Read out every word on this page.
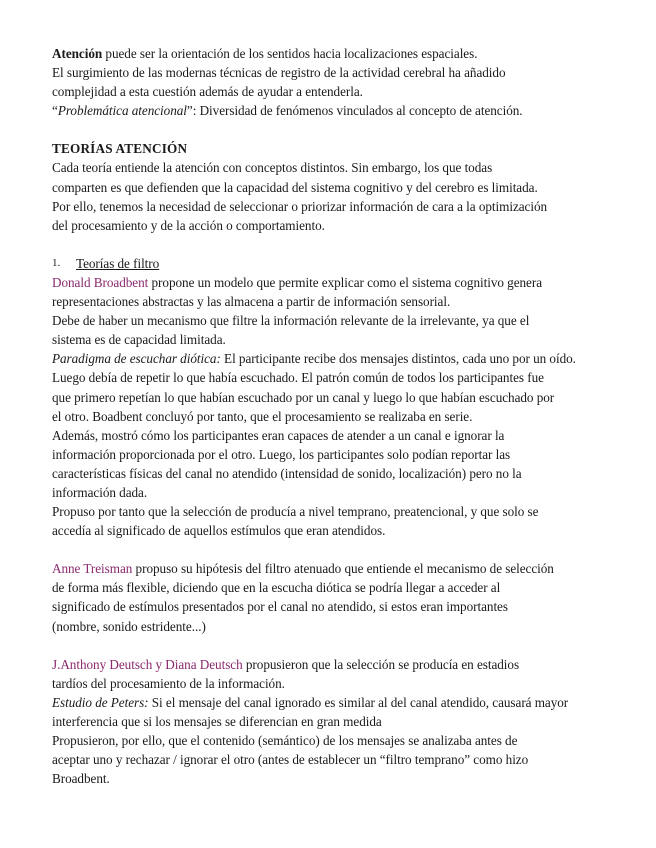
Atención puede ser la orientación de los sentidos hacia localizaciones espaciales.

El surgimiento de las modernas técnicas de registro de la actividad cerebral ha añadido

complejidad a esta cuestión además de ayudar a entenderla.

“Problemática atencional”: Diversidad de fenómenos vinculados al concepto de atención.

TEORÍAS ATENCIÓN

Cada teoría entiende la atención con conceptos distintos. Sin embargo, los que todas

comparten es que defienden que la capacidad del sistema cognitivo y del cerebro es limitada.

Por ello, tenemos la necesidad de seleccionar o priorizar información de cara a la optimización

del procesamiento y de la acción o comportamiento.

1.	Teorías de filtro

Donald Broadbent propone un modelo que permite explicar como el sistema cognitivo genera

representaciones abstractas y las almacena a partir de información sensorial.

Debe de haber un mecanismo que filtre la información relevante de la irrelevante, ya que el

sistema es de capacidad limitada.

Paradigma de escuchar diótica: El participante recibe dos mensajes distintos, cada uno por un oído.

Luego debía de repetir lo que había escuchado. El patrón común de todos los participantes fue

que primero repetían lo que habían escuchado por un canal y luego lo que habían escuchado por

el otro. Boadbent concluyó por tanto, que el procesamiento se realizaba en serie.

Además, mostró cómo los participantes eran capaces de atender a un canal e ignorar la

información proporcionada por el otro. Luego, los participantes solo podían reportar las

características físicas del canal no atendido (intensidad de sonido, localización) pero no la

información dada.

Propuso por tanto que la selección de producía a nivel temprano, preatencional, y que solo se

accedía al significado de aquellos estímulos que eran atendidos.

Anne Treisman propuso su hipótesis del filtro atenuado que entiende el mecanismo de selección

de forma más flexible, diciendo que en la escucha diótica se podría llegar a acceder al

significado de estímulos presentados por el canal no atendido, si estos eran importantes

(nombre, sonido estridente...)

J.Anthony Deutsch y Diana Deutsch propusieron que la selección se producía en estadios

tardíos del procesamiento de la información.

Estudio de Peters: Si el mensaje del canal ignorado es similar al del canal atendido, causará mayor

interferencia que si los mensajes se diferencian en gran medida

Propusieron, por ello, que el contenido (semántico) de los mensajes se analizaba antes de

aceptar uno y rechazar / ignorar el otro (antes de establecer un “filtro temprano” como hizo

Broadbent.
